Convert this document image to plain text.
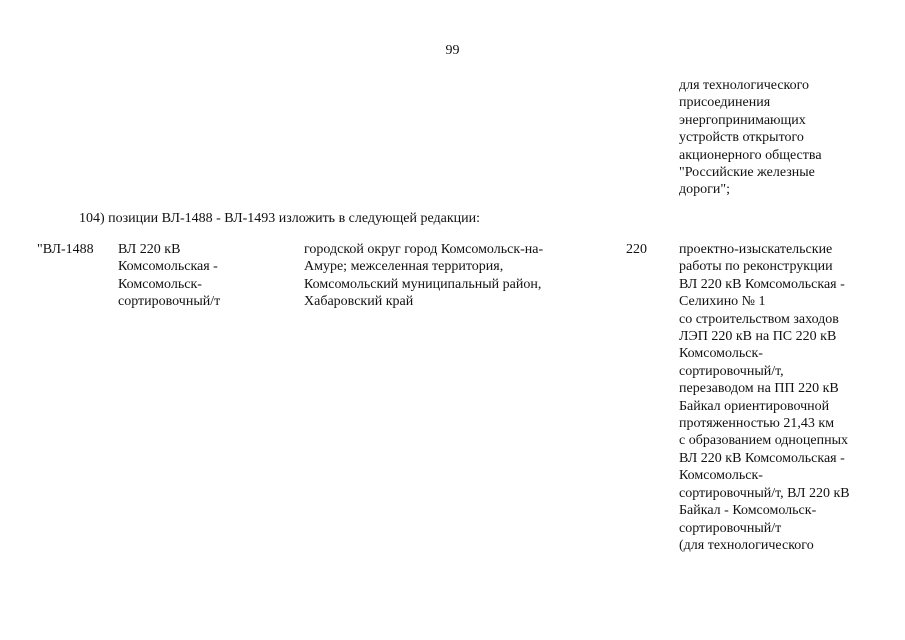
99
для технологического
присоединения
энергопринимающих
устройств открытого
акционерного общества
"Российские железные
дороги";
104) позиции ВЛ-1488 - ВЛ-1493 изложить в следующей редакции:
"ВЛ-1488 ВЛ 220 кВ
Комсомольская -
Комсомольск-
сортировочный/т
городской округ город Комсомольск-на-
Амуре; межселенная территория,
Комсомольский муниципальный район,
Хабаровский край
220 проектно-изыскательские
работы по реконструкции
ВЛ 220 кВ Комсомольская -
Селихино № 1
со строительством заходов
ЛЭП 220 кВ на ПС 220 кВ
Комсомольск-
сортировочный/т,
перезаводом на ПП 220 кВ
Байкал ориентировочной
протяженностью 21,43 км
с образованием одноцепных
ВЛ 220 кВ Комсомольская -
Комсомольск-
сортировочный/т, ВЛ 220 кВ
Байкал - Комсомольск-
сортировочный/т
(для технологического
